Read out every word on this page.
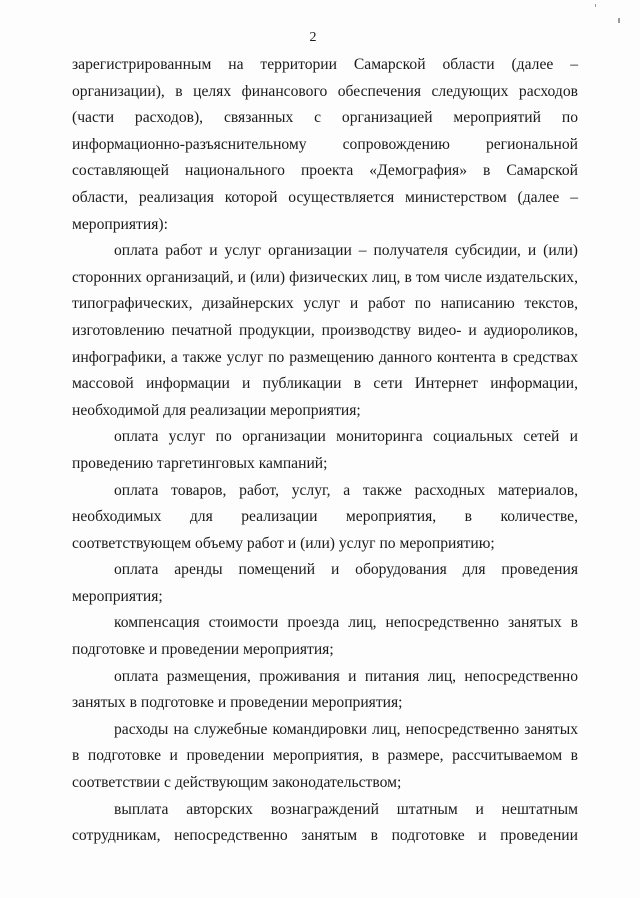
2

зарегистрированным на территории Самарской области (далее –

организации), в целях финансового обеспечения следующих расходов

(части расходов), связанных с организацией мероприятий по

информационно-разъяснительному сопровождению региональной

составляющей национального проекта «Демография» в Самарской

области, реализация которой осуществляется министерством (далее –

мероприятия):

оплата работ и услуг организации – получателя субсидии, и (или)

сторонних организаций, и (или) физических лиц, в том числе издательских,

типографических, дизайнерских услуг и работ по написанию текстов,

изготовлению печатной продукции, производству видео- и аудиороликов,

инфографики, а также услуг по размещению данного контента в средствах

массовой информации и публикации в сети Интернет информации,

необходимой для реализации мероприятия;

оплата услуг по организации мониторинга социальных сетей и

проведению таргетинговых кампаний;

оплата товаров, работ, услуг, а также расходных материалов,

необходимых для реализации мероприятия, в количестве,

соответствующем объему работ и (или) услуг по мероприятию;

оплата аренды помещений и оборудования для проведения

мероприятия;

компенсация стоимости проезда лиц, непосредственно занятых в

подготовке и проведении мероприятия;

оплата размещения, проживания и питания лиц, непосредственно

занятых в подготовке и проведении мероприятия;

расходы на служебные командировки лиц, непосредственно занятых

в подготовке и проведении мероприятия, в размере, рассчитываемом в

соответствии с действующим законодательством;

выплата авторских вознаграждений штатным и нештатным

сотрудникам, непосредственно занятым в подготовке и проведении
